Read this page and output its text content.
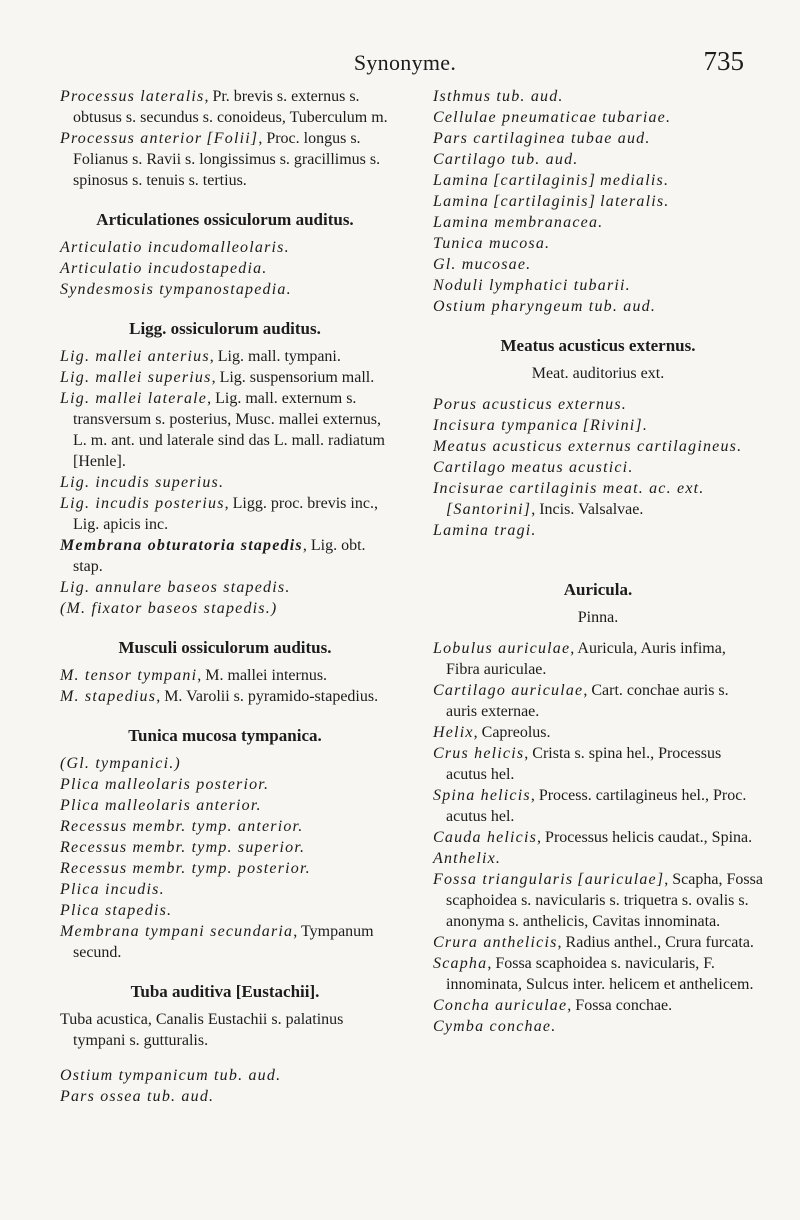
Synonyme.	735

Processus lateralis, Pr. brevis s. externus s. obtusus s. secundus s. conoideus, Tuberculum m.

Processus anterior [Folii], Proc. longus s. Folianus s. Ravii s. longissimus s. gracillimus s. spinosus s. tenuis s. tertius.

Articulationes ossiculorum auditus.

Articulatio incudomalleolaris.

Articulatio incudostapedia.

Syndesmosis tympanostapedia.

Ligg. ossiculorum auditus.

Lig. mallei anterius, Lig. mall. tympani.

Lig. mallei superius, Lig. suspensorium mall.

Lig. mallei laterale, Lig. mall. externum s. transversum s. posterius, Musc. mallei externus, L. m. ant. und laterale sind das L. mall. radiatum [Henle].

Lig. incudis superius.

Lig. incudis posterius, Ligg. proc. brevis inc., Lig. apicis inc.

Membrana obturatoria stapedis, Lig. obt. stap.

Lig. annulare baseos stapedis.

(M. fixator baseos stapedis.)

Musculi ossiculorum auditus.

M. tensor tympani, M. mallei internus.

M. stapedius, M. Varolii s. pyramido-stapedius.

Tunica mucosa tympanica.

(Gl. tympanici.)

Plica malleolaris posterior.

Plica malleolaris anterior.

Recessus membr. tymp. anterior.

Recessus membr. tymp. superior.

Recessus membr. tymp. posterior.

Plica incudis.

Plica stapedis.

Membrana tympani secundaria, Tympanum secund.

Tuba auditiva [Eustachii].

Tuba acustica, Canalis Eustachii s. palatinus tympani s. gutturalis.

Ostium tympanicum tub. aud.

Pars ossea tub. aud.

Isthmus tub. aud.

Cellulae pneumaticae tubariae.

Pars cartilaginea tubae aud.

Cartilago tub. aud.

Lamina [cartilaginis] medialis.

Lamina [cartilaginis] lateralis.

Lamina membranacea.

Tunica mucosa.

Gl. mucosae.

Noduli lymphatici tubarii.

Ostium pharyngeum tub. aud.

Meatus acusticus externus.
Meat. auditorius ext.

Porus acusticus externus.

Incisura tympanica [Rivini].

Meatus acusticus externus cartilagineus.

Cartilago meatus acustici.

Incisurae cartilaginis meat. ac. ext. [Santorini], Incis. Valsalvae.

Lamina tragi.

Auricula.
Pinna.

Lobulus auriculae, Auricula, Auris infima, Fibra auriculae.

Cartilago auriculae, Cart. conchae auris s. auris externae.

Helix, Capreolus.

Crus helicis, Crista s. spina hel., Processus acutus hel.

Spina helicis, Process. cartilagineus hel., Proc. acutus hel.

Cauda helicis, Processus helicis caudat., Spina.

Anthelix.

Fossa triangularis [auriculae], Scapha, Fossa scaphoidea s. navicularis s. triquetra s. ovalis s. anonyma s. anthelicis, Cavitas innominata.

Crura anthelicis, Radius anthel., Crura furcata.

Scapha, Fossa scaphoidea s. navicularis, F. innominata, Sulcus inter. helicem et anthelicem.

Concha auriculae, Fossa conchae.

Cymba conchae.
